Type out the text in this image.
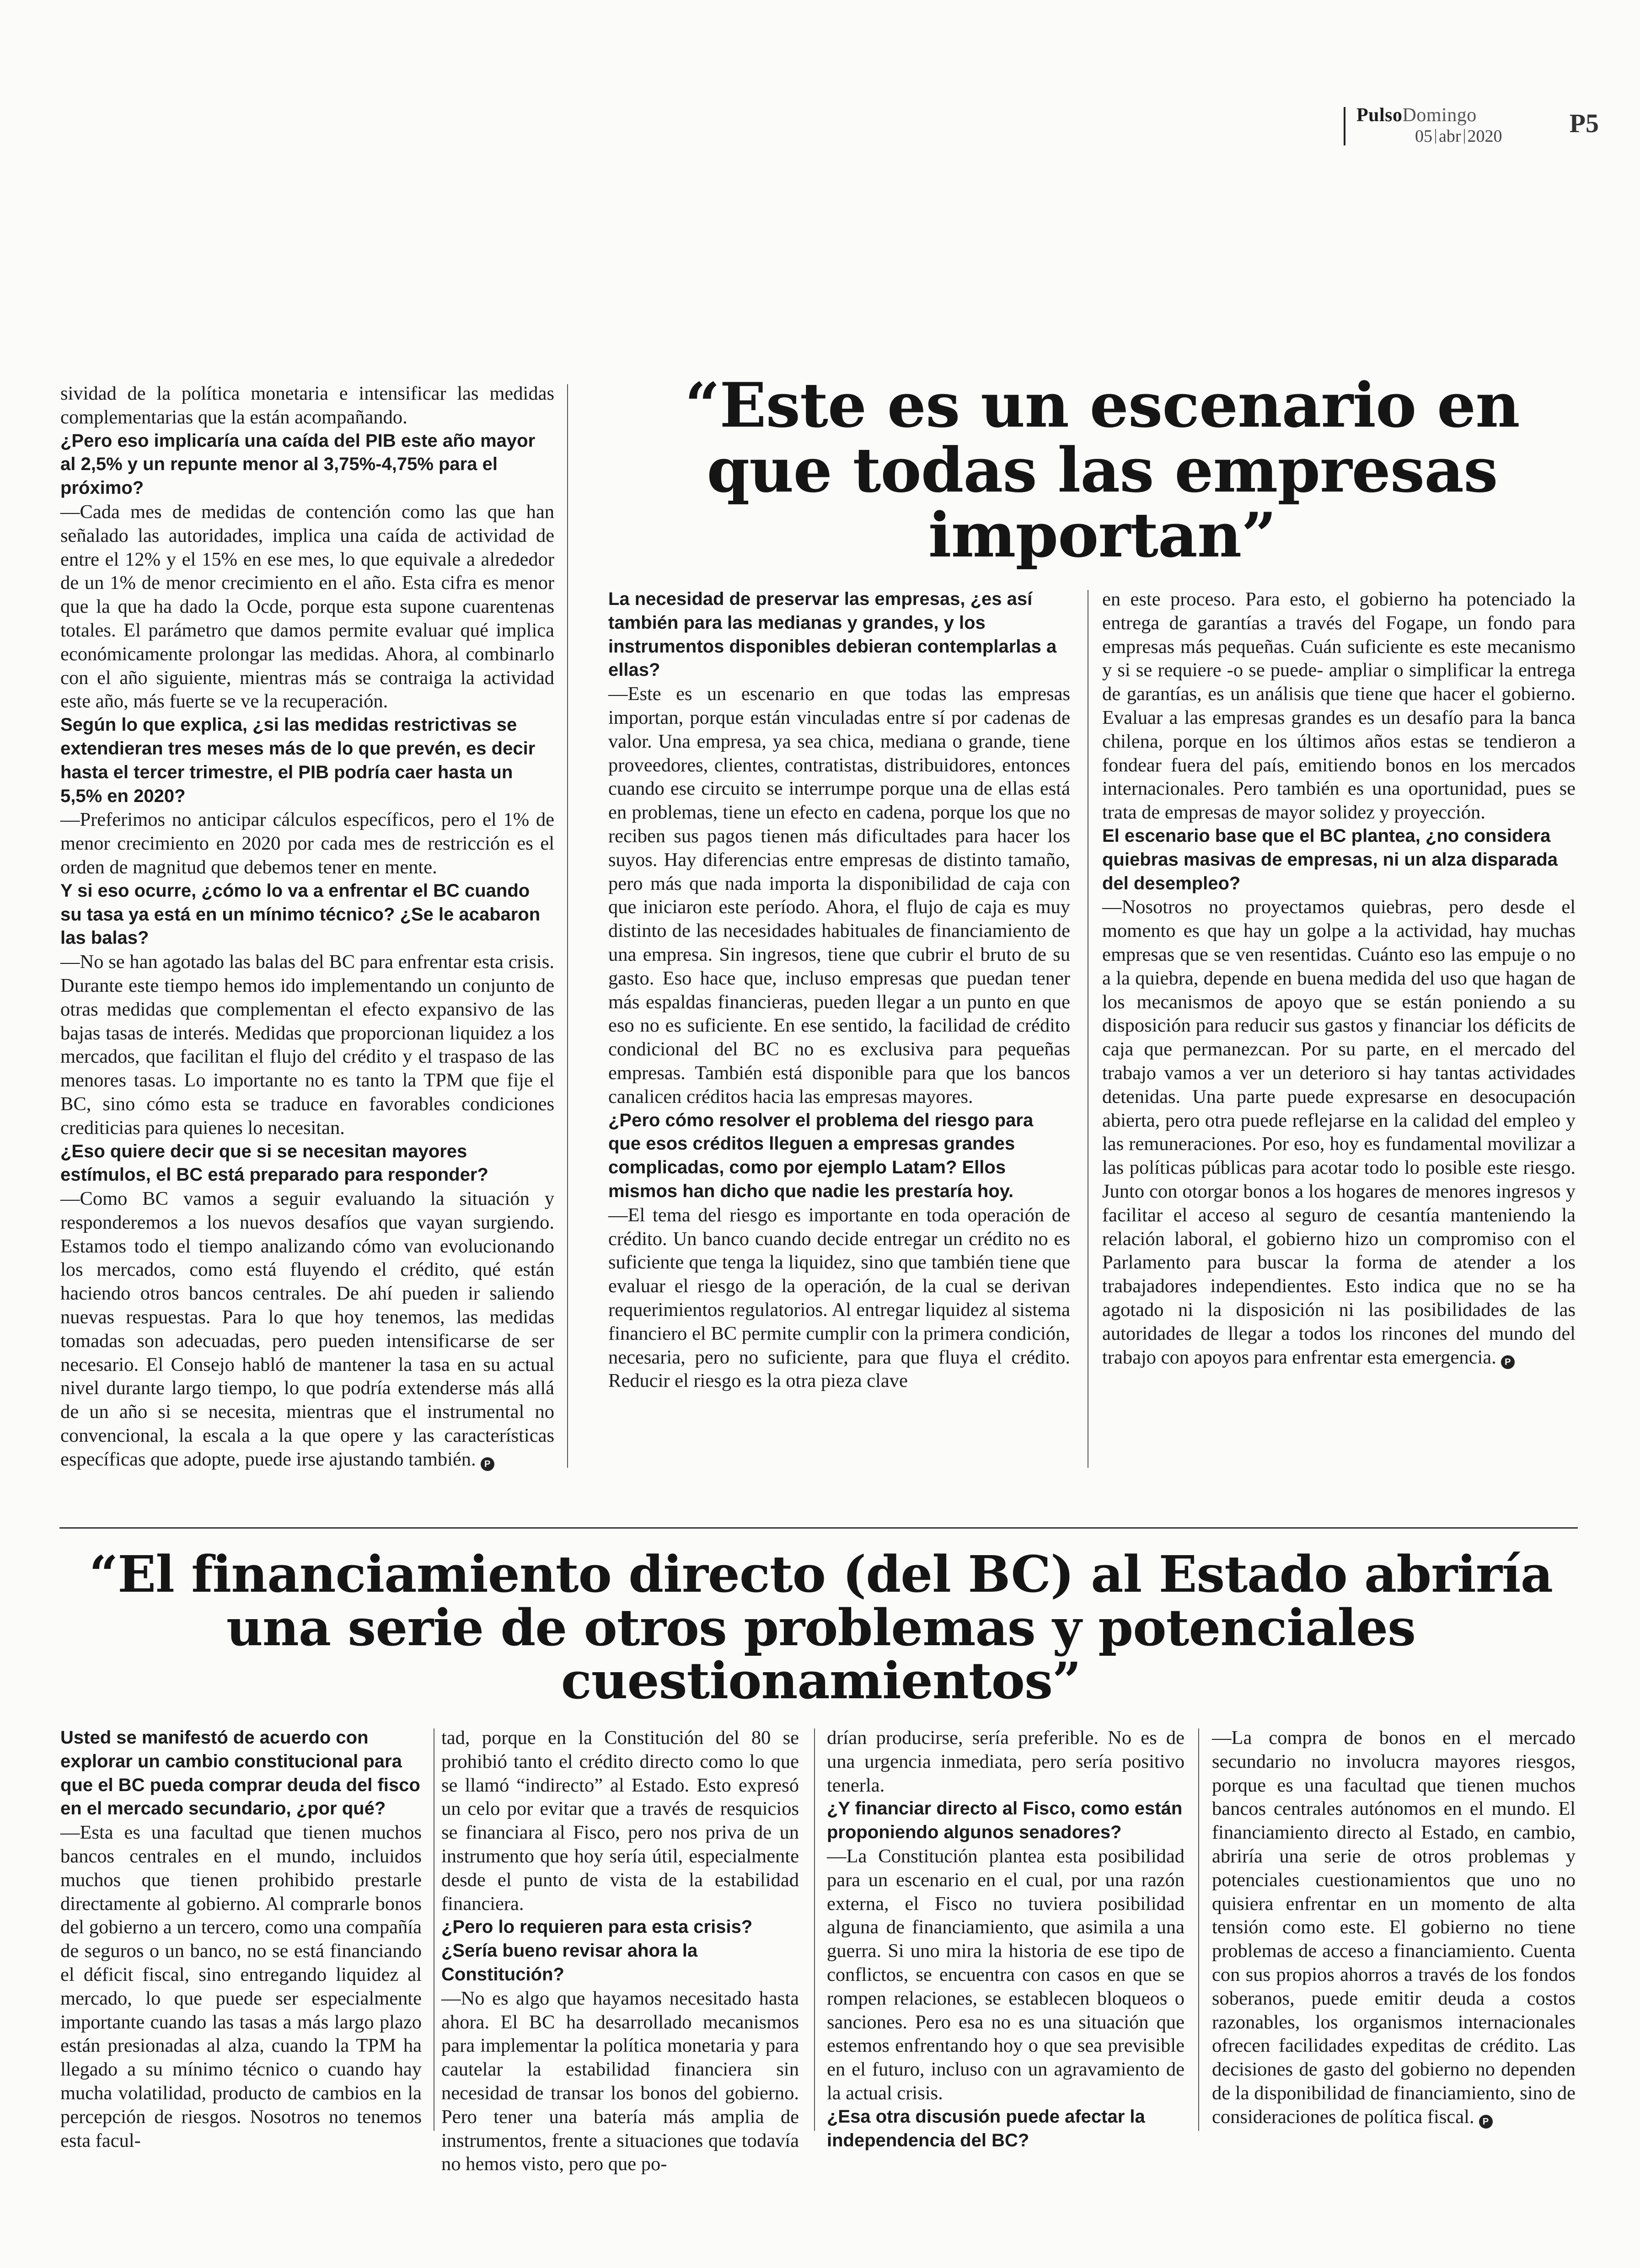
PulsoDomingo
05 abr 2020	P5
“Este es un escenario en que todas las empresas importan”

sividad de la política monetaria e intensificar las medidas complementarias que la están acompañando.

¿Pero eso implicaría una caída del PIB este año mayor al 2,5% y un repunte menor al 3,75%-4,75% para el próximo?

—Cada mes de medidas de contención como las que han señalado las autoridades, implica una caída de actividad de entre el 12% y el 15% en ese mes, lo que equivale a alrededor de un 1% de menor crecimiento en el año. Esta cifra es menor que la que ha dado la Ocde, porque esta supone cuarentenas totales. El parámetro que damos permite evaluar qué implica económicamente prolongar las medidas. Ahora, al combinarlo con el año siguiente, mientras más se contraiga la actividad este año, más fuerte se ve la recuperación.

Según lo que explica, ¿si las medidas restrictivas se extendieran tres meses más de lo que prevén, es decir hasta el tercer trimestre, el PIB podría caer hasta un 5,5% en 2020?

—Preferimos no anticipar cálculos específicos, pero el 1% de menor crecimiento en 2020 por cada mes de restricción es el orden de magnitud que debemos tener en mente.

Y si eso ocurre, ¿cómo lo va a enfrentar el BC cuando su tasa ya está en un mínimo técnico? ¿Se le acabaron las balas?

—No se han agotado las balas del BC para enfrentar esta crisis. Durante este tiempo hemos ido implementando un conjunto de otras medidas que complementan el efecto expansivo de las bajas tasas de interés. Medidas que proporcionan liquidez a los mercados, que facilitan el flujo del crédito y el traspaso de las menores tasas. Lo importante no es tanto la TPM que fije el BC, sino cómo esta se traduce en favorables condiciones crediticias para quienes lo necesitan.

¿Eso quiere decir que si se necesitan mayores estímulos, el BC está preparado para responder?

—Como BC vamos a seguir evaluando la situación y responderemos a los nuevos desafíos que vayan surgiendo. Estamos todo el tiempo analizando cómo van evolucionando los mercados, como está fluyendo el crédito, qué están haciendo otros bancos centrales. De ahí pueden ir saliendo nuevas respuestas. Para lo que hoy tenemos, las medidas tomadas son adecuadas, pero pueden intensificarse de ser necesario. El Consejo habló de mantener la tasa en su actual nivel durante largo tiempo, lo que podría extenderse más allá de un año si se necesita, mientras que el instrumental no convencional, la escala a la que opere y las características específicas que adopte, puede irse ajustando también. P

La necesidad de preservar las empresas, ¿es así también para las medianas y grandes, y los instrumentos disponibles debieran contemplarlas a ellas?

—Este es un escenario en que todas las empresas importan, porque están vinculadas entre sí por cadenas de valor. Una empresa, ya sea chica, mediana o grande, tiene proveedores, clientes, contratistas, distribuidores, entonces cuando ese circuito se interrumpe porque una de ellas está en problemas, tiene un efecto en cadena, porque los que no reciben sus pagos tienen más dificultades para hacer los suyos. Hay diferencias entre empresas de distinto tamaño, pero más que nada importa la disponibilidad de caja con que iniciaron este período. Ahora, el flujo de caja es muy distinto de las necesidades habituales de financiamiento de una empresa. Sin ingresos, tiene que cubrir el bruto de su gasto. Eso hace que, incluso empresas que puedan tener más espaldas financieras, pueden llegar a un punto en que eso no es suficiente. En ese sentido, la facilidad de crédito condicional del BC no es exclusiva para pequeñas empresas. También está disponible para que los bancos canalicen créditos hacia las empresas mayores.

¿Pero cómo resolver el problema del riesgo para que esos créditos lleguen a empresas grandes complicadas, como por ejemplo Latam? Ellos mismos han dicho que nadie les prestaría hoy.

—El tema del riesgo es importante en toda operación de crédito. Un banco cuando decide entregar un crédito no es suficiente que tenga la liquidez, sino que también tiene que evaluar el riesgo de la operación, de la cual se derivan requerimientos regulatorios. Al entregar liquidez al sistema financiero el BC permite cumplir con la primera condición, necesaria, pero no suficiente, para que fluya el crédito. Reducir el riesgo es la otra pieza clave

en este proceso. Para esto, el gobierno ha potenciado la entrega de garantías a través del Fogape, un fondo para empresas más pequeñas. Cuán suficiente es este mecanismo y si se requiere -o se puede- ampliar o simplificar la entrega de garantías, es un análisis que tiene que hacer el gobierno. Evaluar a las empresas grandes es un desafío para la banca chilena, porque en los últimos años estas se tendieron a fondear fuera del país, emitiendo bonos en los mercados internacionales. Pero también es una oportunidad, pues se trata de empresas de mayor solidez y proyección.

El escenario base que el BC plantea, ¿no considera quiebras masivas de empresas, ni un alza disparada del desempleo?

—Nosotros no proyectamos quiebras, pero desde el momento es que hay un golpe a la actividad, hay muchas empresas que se ven resentidas. Cuánto eso las empuje o no a la quiebra, depende en buena medida del uso que hagan de los mecanismos de apoyo que se están poniendo a su disposición para reducir sus gastos y financiar los déficits de caja que permanezcan. Por su parte, en el mercado del trabajo vamos a ver un deterioro si hay tantas actividades detenidas. Una parte puede expresarse en desocupación abierta, pero otra puede reflejarse en la calidad del empleo y las remuneraciones. Por eso, hoy es fundamental movilizar a las políticas públicas para acotar todo lo posible este riesgo. Junto con otorgar bonos a los hogares de menores ingresos y facilitar el acceso al seguro de cesantía manteniendo la relación laboral, el gobierno hizo un compromiso con el Parlamento para buscar la forma de atender a los trabajadores independientes. Esto indica que no se ha agotado ni la disposición ni las posibilidades de las autoridades de llegar a todos los rincones del mundo del trabajo con apoyos para enfrentar esta emergencia. P

“El financiamiento directo (del BC) al Estado abriría una serie de otros problemas y potenciales cuestionamientos”

Usted se manifestó de acuerdo con explorar un cambio constitucional para que el BC pueda comprar deuda del fisco en el mercado secundario, ¿por qué?

—Esta es una facultad que tienen muchos bancos centrales en el mundo, incluidos muchos que tienen prohibido prestarle directamente al gobierno. Al comprarle bonos del gobierno a un tercero, como una compañía de seguros o un banco, no se está financiando el déficit fiscal, sino entregando liquidez al mercado, lo que puede ser especialmente importante cuando las tasas a más largo plazo están presionadas al alza, cuando la TPM ha llegado a su mínimo técnico o cuando hay mucha volatilidad, producto de cambios en la percepción de riesgos. Nosotros no tenemos esta facul-

tad, porque en la Constitución del 80 se prohibió tanto el crédito directo como lo que se llamó “indirecto” al Estado. Esto expresó un celo por evitar que a través de resquicios se financiara al Fisco, pero nos priva de un instrumento que hoy sería útil, especialmente desde el punto de vista de la estabilidad financiera.

¿Pero lo requieren para esta crisis? ¿Sería bueno revisar ahora la Constitución?

—No es algo que hayamos necesitado hasta ahora. El BC ha desarrollado mecanismos para implementar la política monetaria y para cautelar la estabilidad financiera sin necesidad de transar los bonos del gobierno. Pero tener una batería más amplia de instrumentos, frente a situaciones que todavía no hemos visto, pero que po-

drían producirse, sería preferible. No es de una urgencia inmediata, pero sería positivo tenerla.

¿Y financiar directo al Fisco, como están proponiendo algunos senadores?

—La Constitución plantea esta posibilidad para un escenario en el cual, por una razón externa, el Fisco no tuviera posibilidad alguna de financiamiento, que asimila a una guerra. Si uno mira la historia de ese tipo de conflictos, se encuentra con casos en que se rompen relaciones, se establecen bloqueos o sanciones. Pero esa no es una situación que estemos enfrentando hoy o que sea previsible en el futuro, incluso con un agravamiento de la actual crisis.

¿Esa otra discusión puede afectar la independencia del BC?

—La compra de bonos en el mercado secundario no involucra mayores riesgos, porque es una facultad que tienen muchos bancos centrales autónomos en el mundo. El financiamiento directo al Estado, en cambio, abriría una serie de otros problemas y potenciales cuestionamientos que uno no quisiera enfrentar en un momento de alta tensión como este. El gobierno no tiene problemas de acceso a financiamiento. Cuenta con sus propios ahorros a través de los fondos soberanos, puede emitir deuda a costos razonables, los organismos internacionales ofrecen facilidades expeditas de crédito. Las decisiones de gasto del gobierno no dependen de la disponibilidad de financiamiento, sino de consideraciones de política fiscal. P
